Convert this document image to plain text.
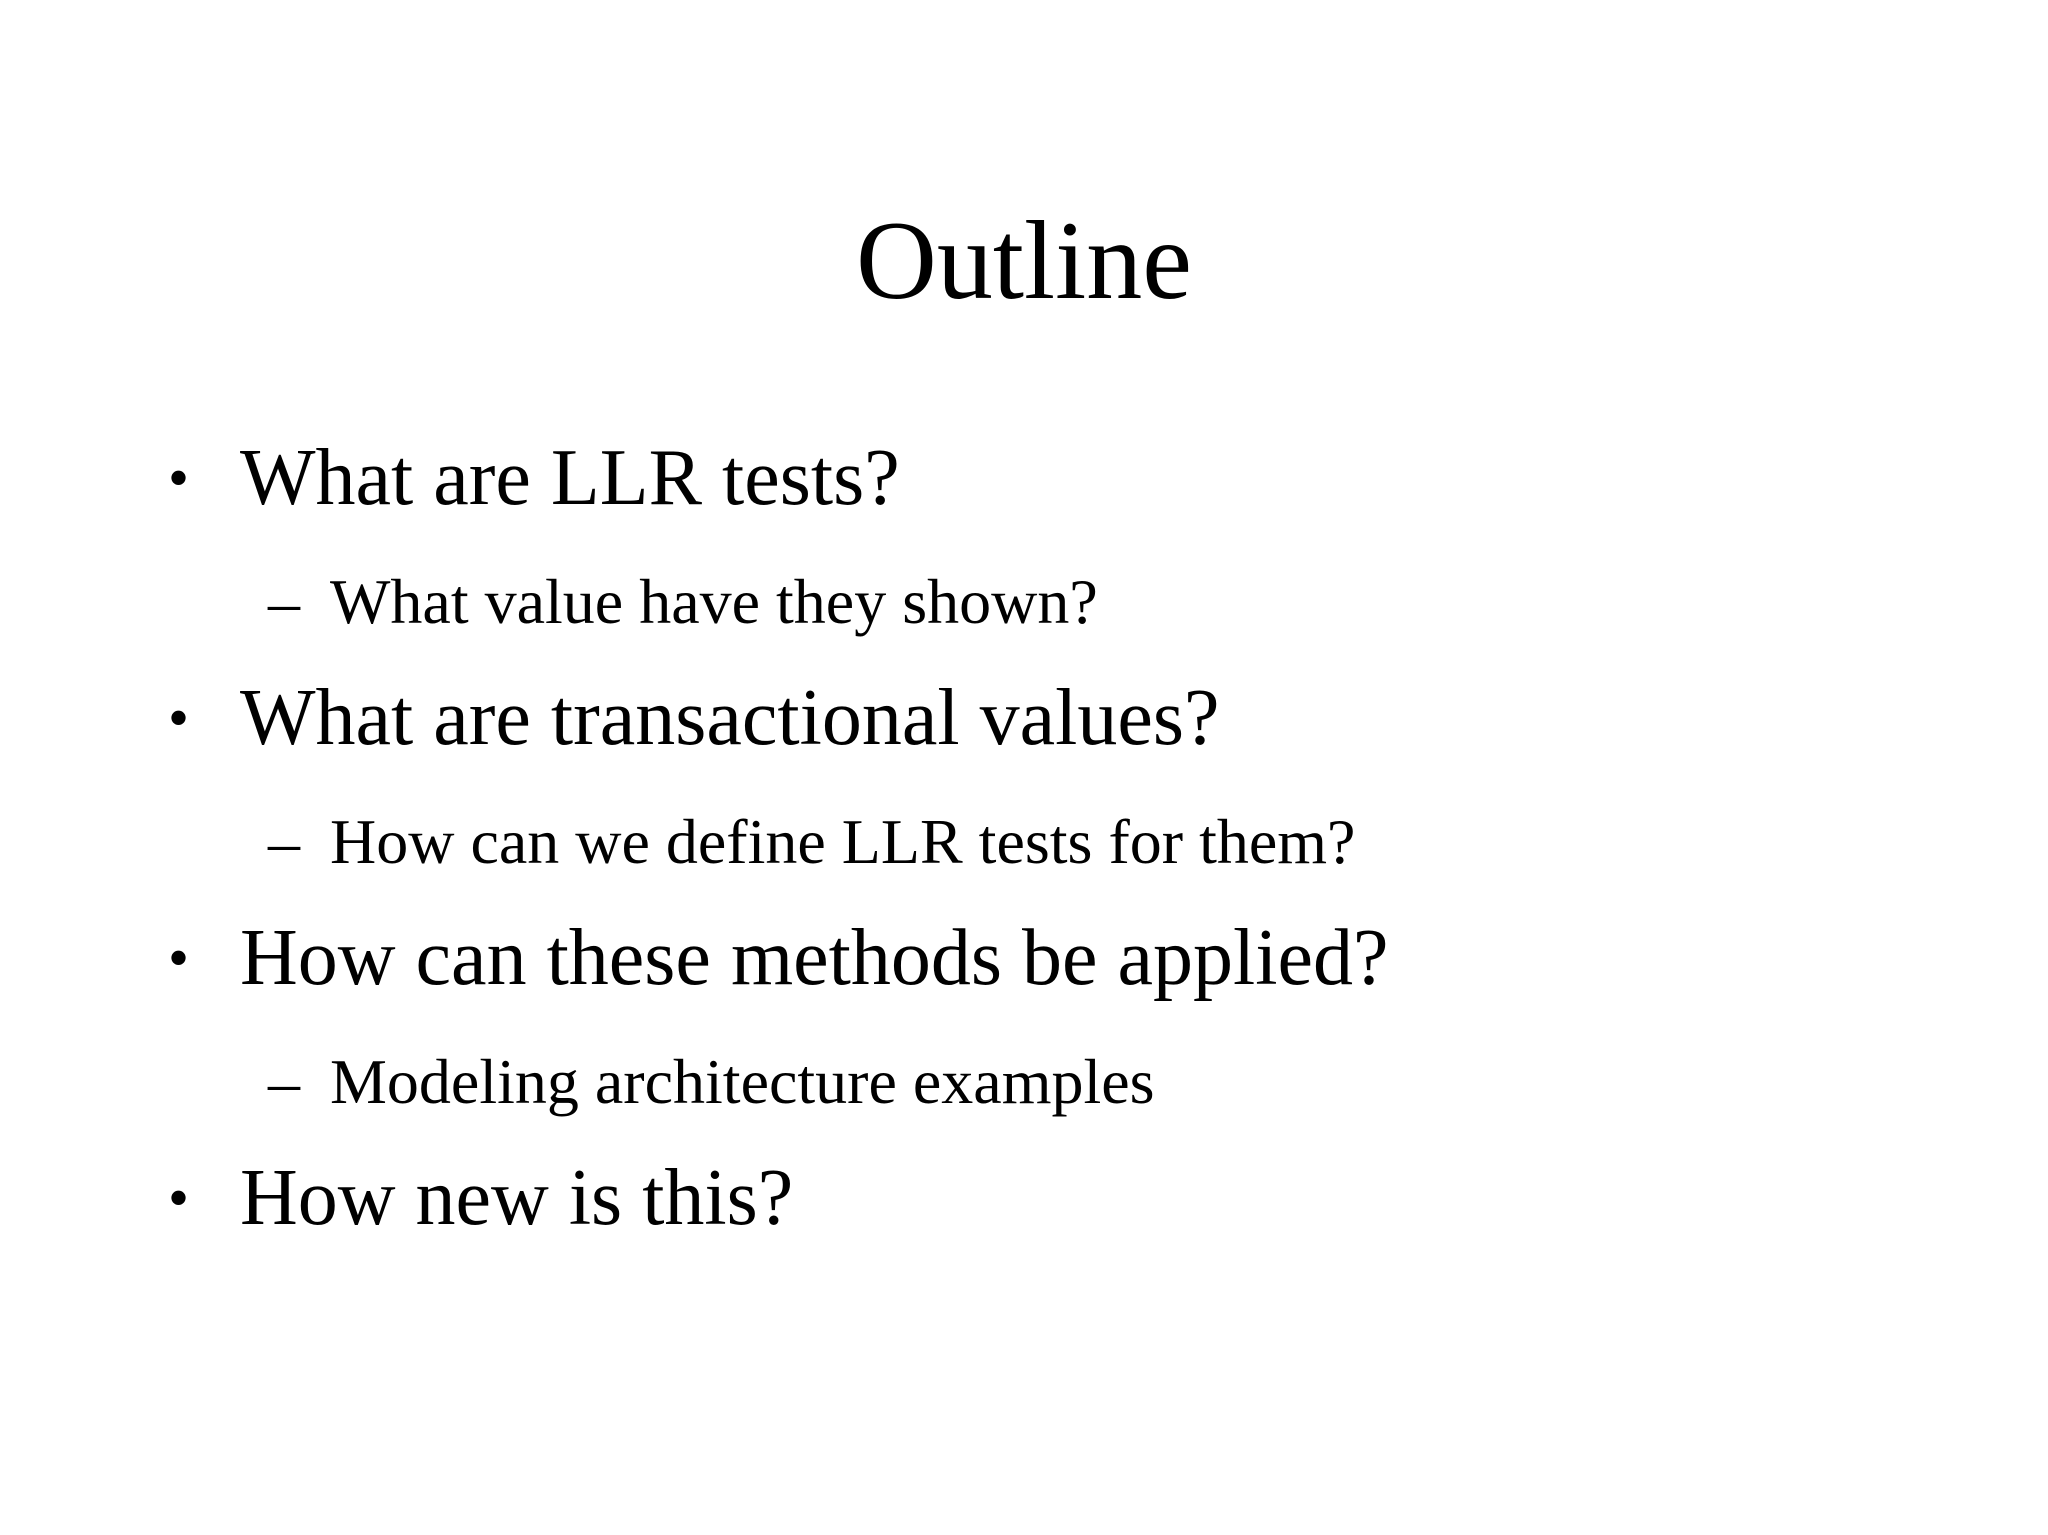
Outline
• What are LLR tests?
– What value have they shown?
• What are transactional values?
– How can we define LLR tests for them?
• How can these methods be applied?
– Modeling architecture examples
• How new is this?
